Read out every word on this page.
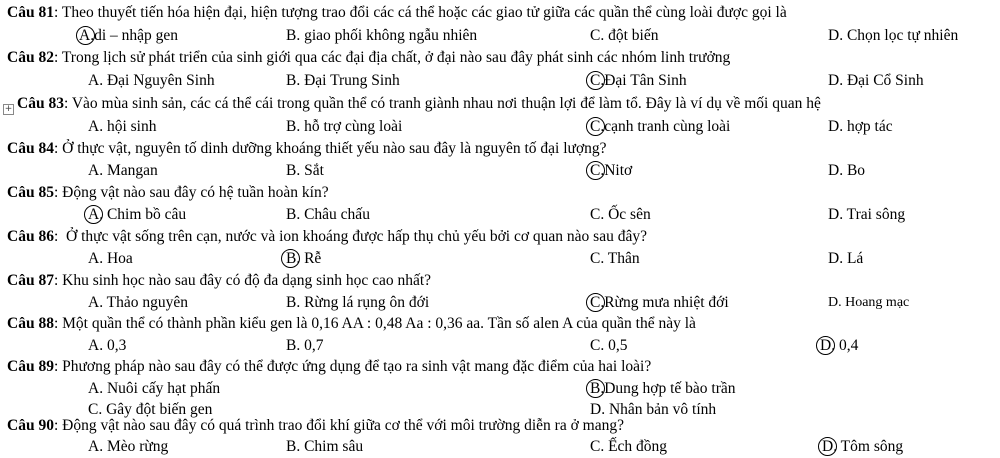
+
Câu 81: Theo thuyết tiến hóa hiện đại, hiện tượng trao đổi các cá thể hoặc các giao tử giữa các quần thể cùng loài được gọi là
A.di – nhập gen	B. giao phối không ngẫu nhiên	C. đột biến	D. Chọn lọc tự nhiên
Câu 82: Trong lịch sử phát triển của sinh giới qua các đại địa chất, ở đại nào sau đây phát sinh các nhóm linh trưởng
A. Đại Nguyên Sinh	B. Đại Trung Sinh	C.Đại Tân Sinh	D. Đại Cổ Sinh
Câu 83: Vào mùa sinh sản, các cá thể cái trong quần thể có tranh giành nhau nơi thuận lợi để làm tổ. Đây là ví dụ về mối quan hệ
A. hội sinh	B. hỗ trợ cùng loài	C.cạnh tranh cùng loài	D. hợp tác
Câu 84: Ở thực vật, nguyên tố dinh dưỡng khoáng thiết yếu nào sau đây là nguyên tố đại lượng?
A. Mangan	B. Sắt	C.Nitơ	D. Bo
Câu 85: Động vật nào sau đây có hệ tuần hoàn kín?
A. Chim bồ câu	B. Châu chấu	C. Ốc sên	D. Trai sông
Câu 86:  Ở thực vật sống trên cạn, nước và ion khoáng được hấp thụ chủ yếu bởi cơ quan nào sau đây?
A. Hoa	B. Rễ	C. Thân	D. Lá
Câu 87: Khu sinh học nào sau đây có độ đa dạng sinh học cao nhất?
A. Thảo nguyên	B. Rừng lá rụng ôn đới	C.Rừng mưa nhiệt đới	D. Hoang mạc
Câu 88: Một quần thể có thành phần kiểu gen là 0,16 AA : 0,48 Aa : 0,36 aa. Tần số alen A của quần thể này là
A. 0,3	B. 0,7	C. 0,5	D. 0,4
Câu 89: Phương pháp nào sau đây có thể được ứng dụng để tạo ra sinh vật mang đặc điểm của hai loài?
A. Nuôi cấy hạt phấn	B.Dung hợp tế bào trần
C. Gây đột biến gen	D. Nhân bản vô tính
Câu 90: Động vật nào sau đây có quá trình trao đổi khí giữa cơ thể với môi trường diễn ra ở mang?
A. Mèo rừng	B. Chim sâu	C. Ếch đồng	D. Tôm sông
